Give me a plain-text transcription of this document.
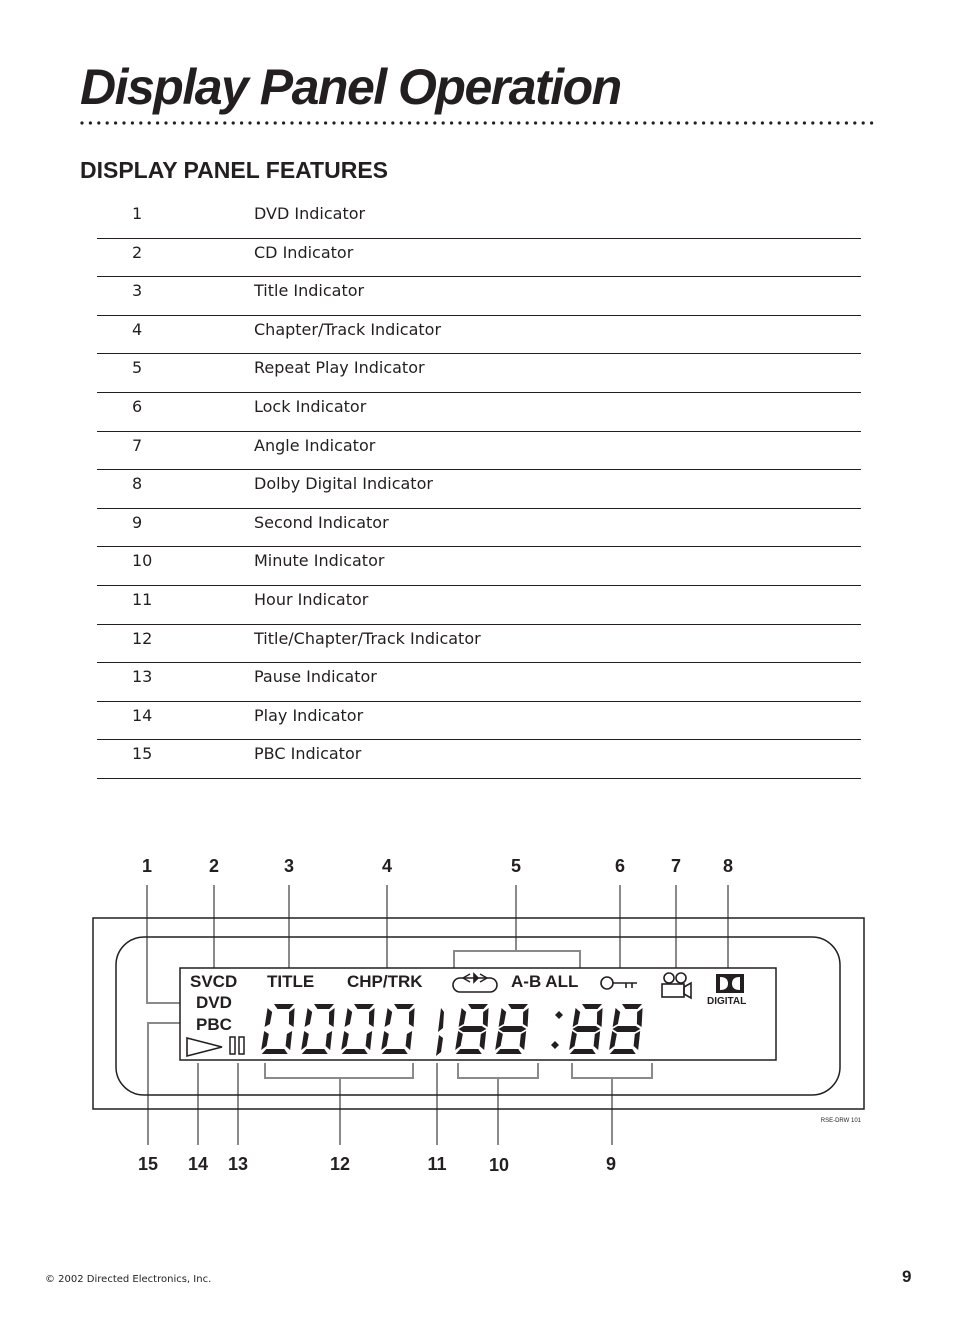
Display Panel Operation
DISPLAY PANEL FEATURES
1	DVD Indicator
2	CD Indicator
3	Title Indicator
4	Chapter/Track Indicator
5	Repeat Play Indicator
6	Lock Indicator
7	Angle Indicator
8	Dolby Digital Indicator
9	Second Indicator
10	Minute Indicator
11	Hour Indicator
12	Title/Chapter/Track Indicator
13	Pause Indicator
14	Play Indicator
15	PBC Indicator
SVCD
DVD
PBC
TITLE CHP/TRK	A-B ALL
DIGITAL
1	2	3	4	5	6	7 8
15 14 13	12	11 10	9
RSE-DRW 101
© 2002 Directed Electronics, Inc.	9
